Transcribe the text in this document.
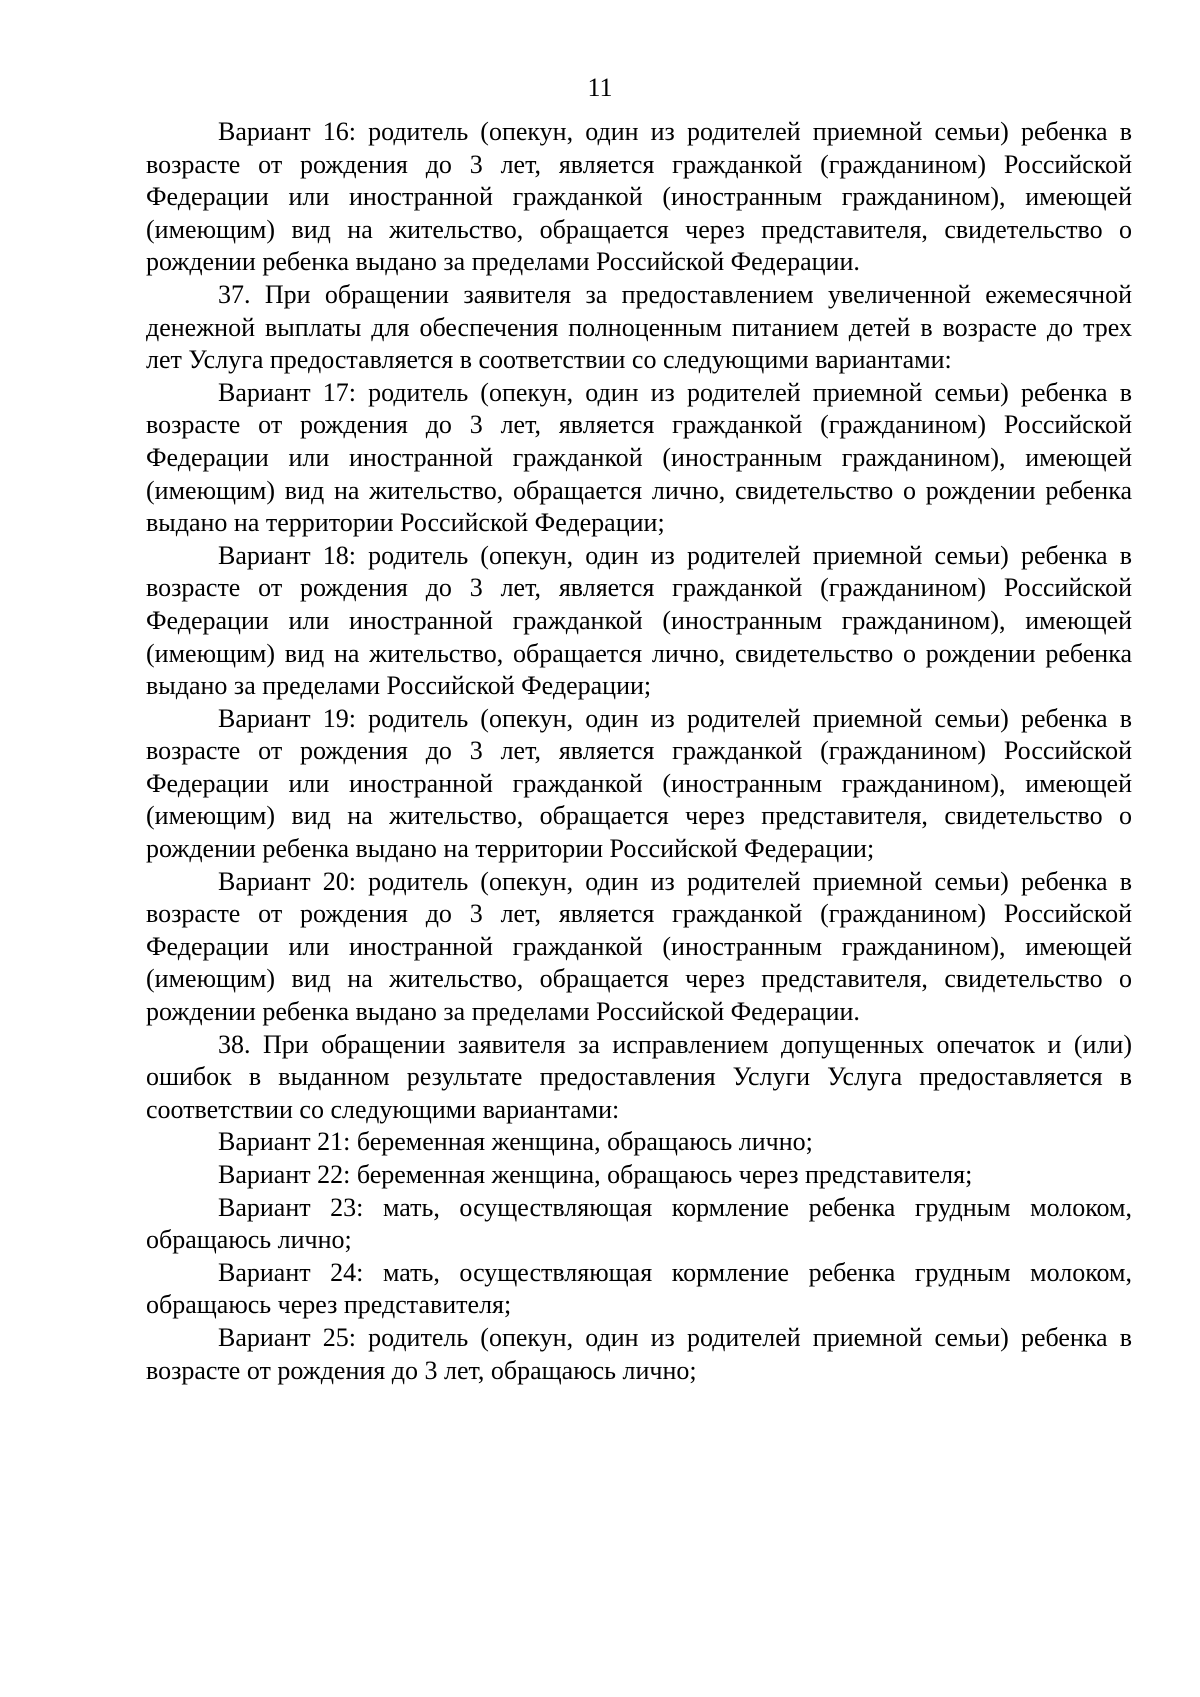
11

Вариант 16: родитель (опекун, один из родителей приемной семьи) ребенка в возрасте от рождения до 3 лет, является гражданкой (гражданином) Российской Федерации или иностранной гражданкой (иностранным гражданином), имеющей (имеющим) вид на жительство, обращается через представителя, свидетельство о рождении ребенка выдано за пределами Российской Федерации.

37. При обращении заявителя за предоставлением увеличенной ежемесячной денежной выплаты для обеспечения полноценным питанием детей в возрасте до трех лет Услуга предоставляется в соответствии со следующими вариантами:

Вариант 17: родитель (опекун, один из родителей приемной семьи) ребенка в возрасте от рождения до 3 лет, является гражданкой (гражданином) Российской Федерации или иностранной гражданкой (иностранным гражданином), имеющей (имеющим) вид на жительство, обращается лично, свидетельство о рождении ребенка выдано на территории Российской Федерации;

Вариант 18: родитель (опекун, один из родителей приемной семьи) ребенка в возрасте от рождения до 3 лет, является гражданкой (гражданином) Российской Федерации или иностранной гражданкой (иностранным гражданином), имеющей (имеющим) вид на жительство, обращается лично, свидетельство о рождении ребенка выдано за пределами Российской Федерации;

Вариант 19: родитель (опекун, один из родителей приемной семьи) ребенка в возрасте от рождения до 3 лет, является гражданкой (гражданином) Российской Федерации или иностранной гражданкой (иностранным гражданином), имеющей (имеющим) вид на жительство, обращается через представителя, свидетельство о рождении ребенка выдано на территории Российской Федерации;

Вариант 20: родитель (опекун, один из родителей приемной семьи) ребенка в возрасте от рождения до 3 лет, является гражданкой (гражданином) Российской Федерации или иностранной гражданкой (иностранным гражданином), имеющей (имеющим) вид на жительство, обращается через представителя, свидетельство о рождении ребенка выдано за пределами Российской Федерации.

38. При обращении заявителя за исправлением допущенных опечаток и (или) ошибок в выданном результате предоставления Услуги Услуга предоставляется в соответствии со следующими вариантами:

Вариант 21: беременная женщина, обращаюсь лично;

Вариант 22: беременная женщина, обращаюсь через представителя;

Вариант 23: мать, осуществляющая кормление ребенка грудным молоком, обращаюсь лично;

Вариант 24: мать, осуществляющая кормление ребенка грудным молоком, обращаюсь через представителя;

Вариант 25: родитель (опекун, один из родителей приемной семьи) ребенка в возрасте от рождения до 3 лет, обращаюсь лично;
